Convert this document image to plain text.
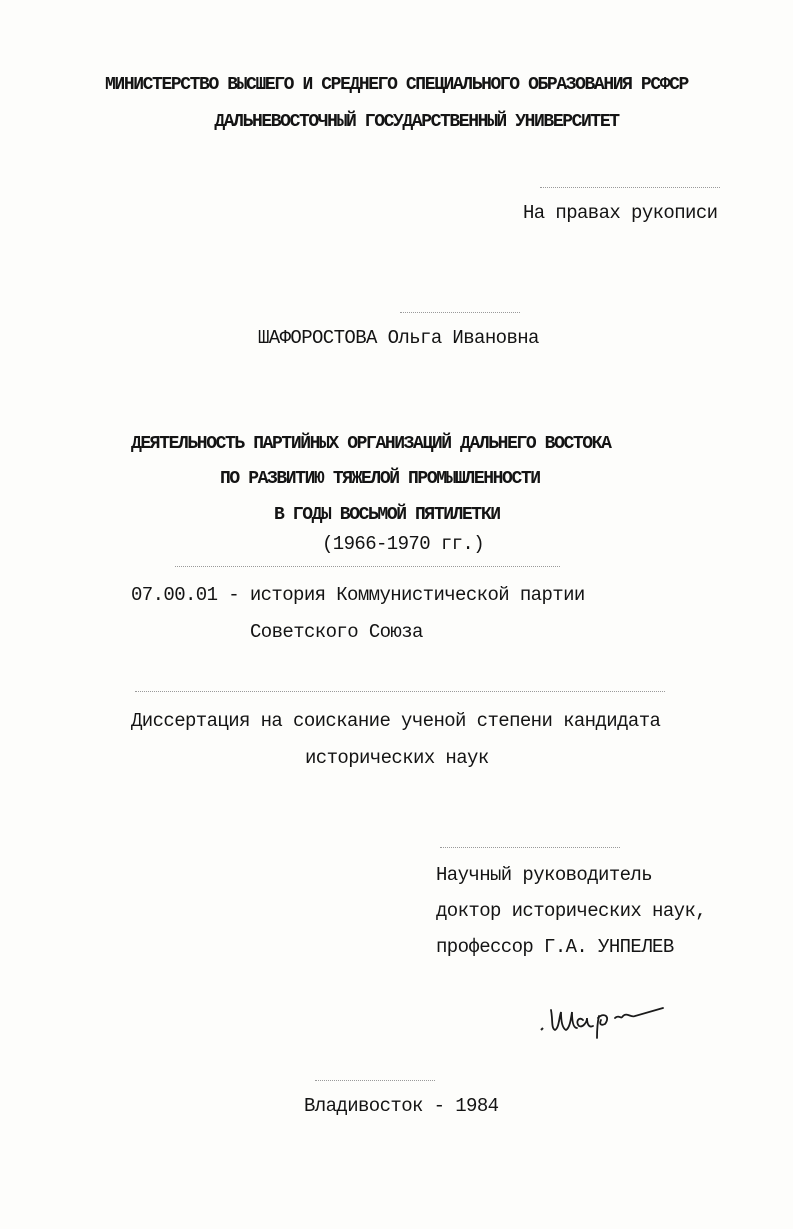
МИНИСТЕРСТВО ВЫСШЕГО И СРЕДНЕГО СПЕЦИАЛЬНОГО ОБРАЗОВАНИЯ РСФСР
ДАЛЬНЕВОСТОЧНЫЙ ГОСУДАРСТВЕННЫЙ УНИВЕРСИТЕТ
На правах рукописи
ШАФОРОСТОВА Ольга Ивановна
ДЕЯТЕЛЬНОСТЬ ПАРТИЙНЫХ ОРГАНИЗАЦИЙ ДАЛЬНЕГО ВОСТОКА
ПО РАЗВИТИЮ ТЯЖЕЛОЙ ПРОМЫШЛЕННОСТИ
В ГОДЫ ВОСЬМОЙ ПЯТИЛЕТКИ
(1966-1970 гг.)
07.00.01 - история Коммунистической партии
Советского Союза
Диссертация на соискание ученой степени кандидата
исторических наук
Научный руководитель
доктор исторических наук,
профессор Г.А. УНПЕЛЕВ
Владивосток - 1984
